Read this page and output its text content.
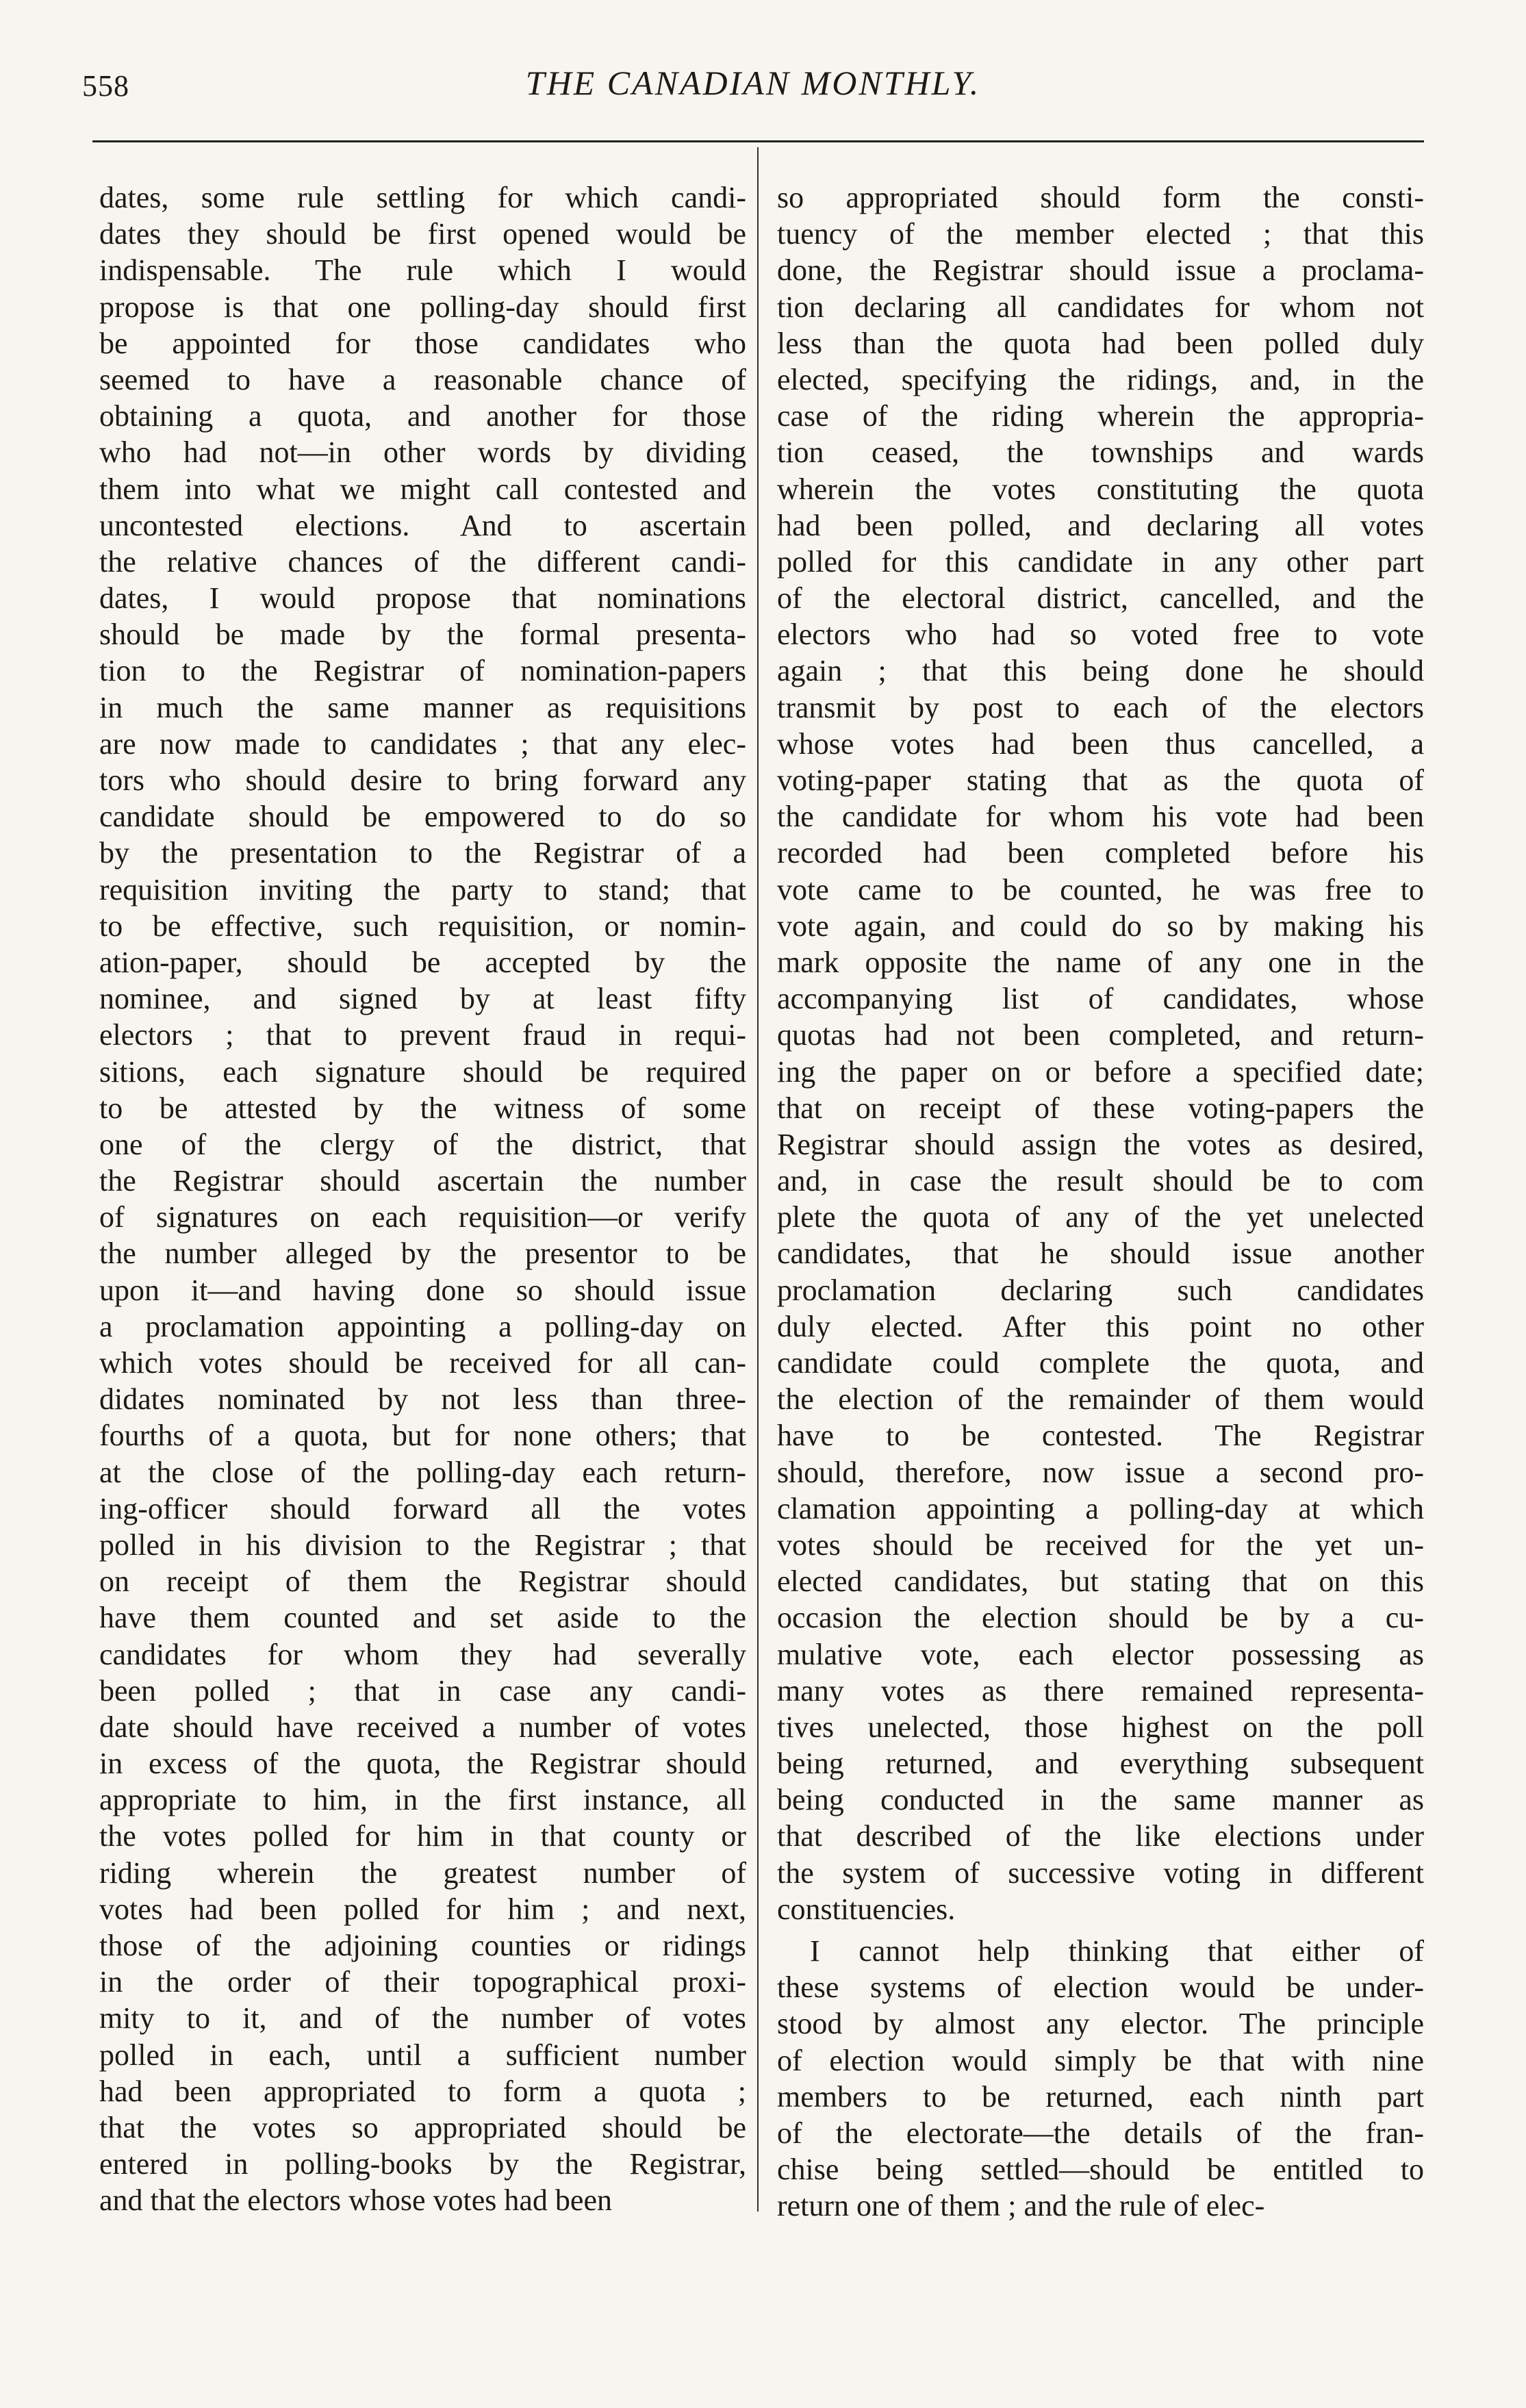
558	THE CANADIAN MONTHLY.
dates, some rule settling for which candi-
dates they should be first opened would be
indispensable. The rule which I would
propose is that one polling-day should first
be appointed for those candidates who
seemed to have a reasonable chance of
obtaining a quota, and another for those
who had not—in other words by dividing
them into what we might call contested and
uncontested elections. And to ascertain
the relative chances of the different candi-
dates, I would propose that nominations
should be made by the formal presenta-
tion to the Registrar of nomination-papers
in much the same manner as requisitions
are now made to candidates ; that any elec-
tors who should desire to bring forward any
candidate should be empowered to do so
by the presentation to the Registrar of a
requisition inviting the party to stand; that
to be effective, such requisition, or nomin-
ation-paper, should be accepted by the
nominee, and signed by at least fifty
electors ; that to prevent fraud in requi-
sitions, each signature should be required
to be attested by the witness of some
one of the clergy of the district, that
the Registrar should ascertain the number
of signatures on each requisition—or verify
the number alleged by the presentor to be
upon it—and having done so should issue
a proclamation appointing a polling-day on
which votes should be received for all can-
didates nominated by not less than three-
fourths of a quota, but for none others; that
at the close of the polling-day each return-
ing-officer should forward all the votes
polled in his division to the Registrar ; that
on receipt of them the Registrar should
have them counted and set aside to the
candidates for whom they had severally
been polled ; that in case any candi-
date should have received a number of votes
in excess of the quota, the Registrar should
appropriate to him, in the first instance, all
the votes polled for him in that county or
riding wherein the greatest number of
votes had been polled for him ; and next,
those of the adjoining counties or ridings
in the order of their topographical proxi-
mity to it, and of the number of votes
polled in each, until a sufficient number
had been appropriated to form a quota ;
that the votes so appropriated should be
entered in polling-books by the Registrar,
and that the electors whose votes had been
so appropriated should form the consti-
tuency of the member elected ; that this
done, the Registrar should issue a proclama-
tion declaring all candidates for whom not
less than the quota had been polled duly
elected, specifying the ridings, and, in the
case of the riding wherein the appropria-
tion ceased, the townships and wards
wherein the votes constituting the quota
had been polled, and declaring all votes
polled for this candidate in any other part
of the electoral district, cancelled, and the
electors who had so voted free to vote
again ; that this being done he should
transmit by post to each of the electors
whose votes had been thus cancelled, a
voting-paper stating that as the quota of
the candidate for whom his vote had been
recorded had been completed before his
vote came to be counted, he was free to
vote again, and could do so by making his
mark opposite the name of any one in the
accompanying list of candidates, whose
quotas had not been completed, and return-
ing the paper on or before a specified date;
that on receipt of these voting-papers the
Registrar should assign the votes as desired,
and, in case the result should be to com
plete the quota of any of the yet unelected
candidates, that he should issue another
proclamation declaring such candidates
duly elected. After this point no other
candidate could complete the quota, and
the election of the remainder of them would
have to be contested. The Registrar
should, therefore, now issue a second pro-
clamation appointing a polling-day at which
votes should be received for the yet un-
elected candidates, but stating that on this
occasion the election should be by a cu-
mulative vote, each elector possessing as
many votes as there remained representa-
tives unelected, those highest on the poll
being returned, and everything subsequent
being conducted in the same manner as
that described of the like elections under
the system of successive voting in different
constituencies.
I cannot help thinking that either of
these systems of election would be under-
stood by almost any elector. The principle
of election would simply be that with nine
members to be returned, each ninth part
of the electorate—the details of the fran-
chise being settled—should be entitled to
return one of them ; and the rule of elec-
